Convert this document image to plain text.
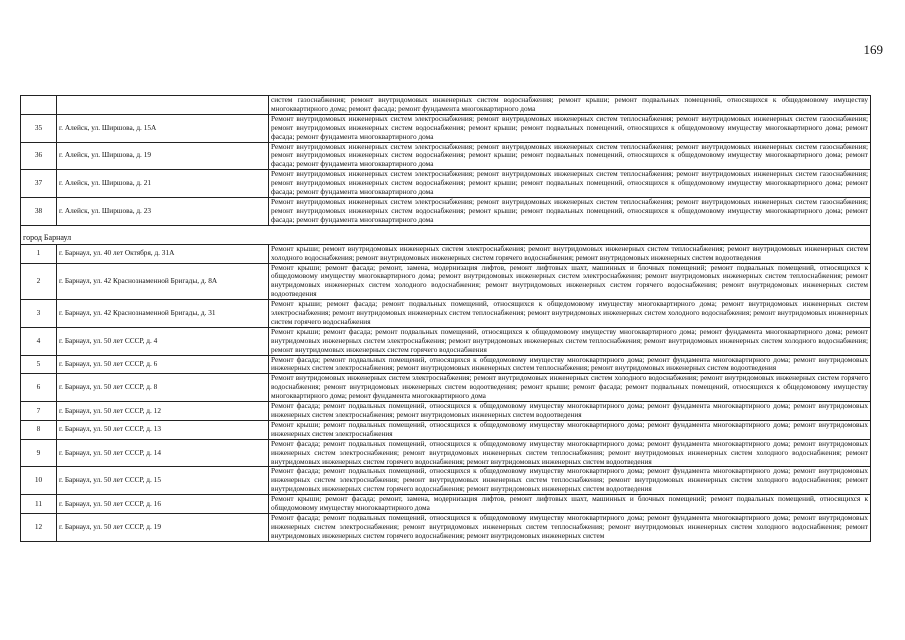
169
		систем газоснабжения; ремонт внутридомовых инженерных систем водоснабжения; ремонт крыши; ремонт подвальных помещений, относящихся к общедомовому имуществу многоквартирного дома; ремонт фасада; ремонт фундамента многоквартирного дома
35	г. Алейск, ул. Ширшова, д. 15А	Ремонт внутридомовых инженерных систем электроснабжения; ремонт внутридомовых инженерных систем теплоснабжения; ремонт внутридомовых инженерных систем газоснабжения; ремонт внутридомовых инженерных систем водоснабжения; ремонт крыши; ремонт подвальных помещений, относящихся к общедомовому имуществу многоквартирного дома; ремонт фасада; ремонт фундамента многоквартирного дома
36	г. Алейск, ул. Ширшова, д. 19	Ремонт внутридомовых инженерных систем электроснабжения; ремонт внутридомовых инженерных систем теплоснабжения; ремонт внутридомовых инженерных систем газоснабжения; ремонт внутридомовых инженерных систем водоснабжения; ремонт крыши; ремонт подвальных помещений, относящихся к общедомовому имуществу многоквартирного дома; ремонт фасада; ремонт фундамента многоквартирного дома
37	г. Алейск, ул. Ширшова, д. 21	Ремонт внутридомовых инженерных систем электроснабжения; ремонт внутридомовых инженерных систем теплоснабжения; ремонт внутридомовых инженерных систем газоснабжения; ремонт внутридомовых инженерных систем водоснабжения; ремонт крыши; ремонт подвальных помещений, относящихся к общедомовому имуществу многоквартирного дома; ремонт фасада; ремонт фундамента многоквартирного дома
38	г. Алейск, ул. Ширшова, д. 23	Ремонт внутридомовых инженерных систем электроснабжения; ремонт внутридомовых инженерных систем теплоснабжения; ремонт внутридомовых инженерных систем газоснабжения; ремонт внутридомовых инженерных систем водоснабжения; ремонт крыши; ремонт подвальных помещений, относящихся к общедомовому имуществу многоквартирного дома; ремонт фасада; ремонт фундамента многоквартирного дома
город Барнаул		
1	г. Барнаул, ул. 40 лет Октября, д. 31А	Ремонт крыши; ремонт внутридомовых инженерных систем электроснабжения; ремонт внутридомовых инженерных систем теплоснабжения; ремонт внутридомовых инженерных систем холодного водоснабжения; ремонт внутридомовых инженерных систем горячего водоснабжения; ремонт внутридомовых инженерных систем водоотведения
2	г. Барнаул, ул. 42 Краснознаменной Бригады, д. 8А	Ремонт крыши; ремонт фасада; ремонт, замена, модернизация лифтов, ремонт лифтовых шахт, машинных и блочных помещений; ремонт подвальных помещений, относящихся к общедомовому имуществу многоквартирного дома; ремонт внутридомовых инженерных систем электроснабжения; ремонт внутридомовых инженерных систем теплоснабжения; ремонт внутридомовых инженерных систем холодного водоснабжения; ремонт внутридомовых инженерных систем горячего водоснабжения; ремонт внутридомовых инженерных систем водоотведения
3	г. Барнаул, ул. 42 Краснознаменной Бригады, д. 31	Ремонт крыши; ремонт фасада; ремонт подвальных помещений, относящихся к общедомовому имуществу многоквартирного дома; ремонт внутридомовых инженерных систем электроснабжения; ремонт внутридомовых инженерных систем теплоснабжения; ремонт внутридомовых инженерных систем холодного водоснабжения; ремонт внутридомовых инженерных систем горячего водоснабжения
4	г. Барнаул, ул. 50 лет СССР, д. 4	Ремонт крыши; ремонт фасада; ремонт подвальных помещений, относящихся к общедомовому имуществу многоквартирного дома; ремонт фундамента многоквартирного дома; ремонт внутридомовых инженерных систем электроснабжения; ремонт внутридомовых инженерных систем теплоснабжения; ремонт внутридомовых инженерных систем холодного водоснабжения; ремонт внутридомовых инженерных систем горячего водоснабжения
5	г. Барнаул, ул. 50 лет СССР, д. 6	Ремонт фасада; ремонт подвальных помещений, относящихся к общедомовому имуществу многоквартирного дома; ремонт фундамента многоквартирного дома; ремонт внутридомовых инженерных систем электроснабжения; ремонт внутридомовых инженерных систем теплоснабжения; ремонт внутридомовых инженерных систем водоотведения
6	г. Барнаул, ул. 50 лет СССР, д. 8	Ремонт внутридомовых инженерных систем электроснабжения; ремонт внутридомовых инженерных систем холодного водоснабжения; ремонт внутридомовых инженерных систем горячего водоснабжения; ремонт внутридомовых инженерных систем водоотведения; ремонт крыши; ремонт фасада; ремонт подвальных помещений, относящихся к общедомовому имуществу многоквартирного дома; ремонт фундамента многоквартирного дома
7	г. Барнаул, ул. 50 лет СССР, д. 12	Ремонт фасада; ремонт подвальных помещений, относящихся к общедомовому имуществу многоквартирного дома; ремонт фундамента многоквартирного дома; ремонт внутридомовых инженерных систем электроснабжения; ремонт внутридомовых инженерных систем водоотведения
8	г. Барнаул, ул. 50 лет СССР, д. 13	Ремонт крыши; ремонт подвальных помещений, относящихся к общедомовому имуществу многоквартирного дома; ремонт фундамента многоквартирного дома; ремонт внутридомовых инженерных систем электроснабжения
9	г. Барнаул, ул. 50 лет СССР, д. 14	Ремонт фасада; ремонт подвальных помещений, относящихся к общедомовому имуществу многоквартирного дома; ремонт фундамента многоквартирного дома; ремонт внутридомовых инженерных систем электроснабжения; ремонт внутридомовых инженерных систем теплоснабжения; ремонт внутридомовых инженерных систем холодного водоснабжения; ремонт внутридомовых инженерных систем горячего водоснабжения; ремонт внутридомовых инженерных систем водоотведения
10	г. Барнаул, ул. 50 лет СССР, д. 15	Ремонт фасада; ремонт подвальных помещений, относящихся к общедомовому имуществу многоквартирного дома; ремонт фундамента многоквартирного дома; ремонт внутридомовых инженерных систем электроснабжения; ремонт внутридомовых инженерных систем теплоснабжения; ремонт внутридомовых инженерных систем холодного водоснабжения; ремонт внутридомовых инженерных систем горячего водоснабжения; ремонт внутридомовых инженерных систем водоотведения
11	г. Барнаул, ул. 50 лет СССР, д. 16	Ремонт крыши; ремонт фасада; ремонт, замена, модернизация лифтов, ремонт лифтовых шахт, машинных и блочных помещений; ремонт подвальных помещений, относящихся к общедомовому имуществу многоквартирного дома
12	г. Барнаул, ул. 50 лет СССР, д. 19	Ремонт фасада; ремонт подвальных помещений, относящихся к общедомовому имуществу многоквартирного дома; ремонт фундамента многоквартирного дома; ремонт внутридомовых инженерных систем электроснабжения; ремонт внутридомовых инженерных систем теплоснабжения; ремонт внутридомовых инженерных систем холодного водоснабжения; ремонт внутридомовых инженерных систем горячего водоснабжения; ремонт внутридомовых инженерных систем
